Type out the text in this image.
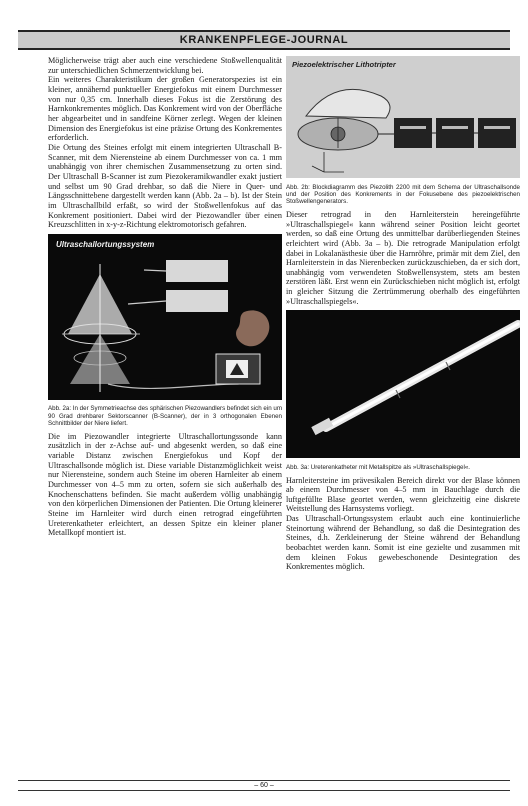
KRANKENPFLEGE-JOURNAL

Möglicherweise trägt aber auch eine verschiedene Stoßwellenqualität zur unterschiedlichen Schmerzentwicklung bei.

Ein weiteres Charakteristikum der großen Generatorspezies ist ein kleiner, annähernd punktueller Energiefokus mit einem Durchmesser von nur 0,35 cm. Innerhalb dieses Fokus ist die Zerstörung des Harnkonkrementes möglich. Das Konkrement wird von der Oberfläche her abgearbeitet und in sandfeine Körner zerlegt. Wegen der kleinen Dimension des Energiefokus ist eine präzise Ortung des Konkrementes erforderlich.

Die Ortung des Steines erfolgt mit einem integrierten Ultraschall B-Scanner, mit dem Nierensteine ab einem Durchmesser von ca. 1 mm unabhängig von ihrer chemischen Zusammensetzung zu orten sind. Der Ultraschall B-Scanner ist zum Piezokeramikwandler exakt justiert und selbst um 90 Grad drehbar, so daß die Niere in Quer- und Längsschnittebene dargestellt werden kann (Abb. 2a – b). Ist der Stein im Ultraschallbild erfaßt, so wird der Stoßwellenfokus auf das Konkrement positioniert. Dabei wird der Piezowandler über einen Kreuzschlitten in x-y-z-Richtung elektromotorisch gefahren.

Ultraschallortungssystem
Abb. 2a: In der Symmetrieachse des sphärischen Piezowandlers befindet sich ein um 90 Grad drehbarer Sektorscanner (B-Scanner), der in 3 orthogonalen Ebenen Schnittbilder der Niere liefert.

Die im Piezowandler integrierte Ultraschallortungssonde kann zusätzlich in der z-Achse auf- und abgesenkt werden, so daß eine variable Distanz zwischen Energiefokus und Kopf der Ultraschallsonde möglich ist. Diese variable Distanzmöglichkeit weist nur Nierensteine, sondern auch Steine im oberen Harnleiter ab einem Durchmesser von 4–5 mm zu orten, sofern sie sich außerhalb des Knochenschattens befinden. Sie macht außerdem völlig unabhängig von den körperlichen Dimensionen der Patienten. Die Ortung kleinerer Steine im Harnleiter wird durch einen retrograd eingeführten Ureterenkatheter erleichtert, an dessen Spitze ein kleiner planer Metallkopf montiert ist.

Piezoelektrischer Lithotripter
Abb. 2b: Blockdiagramm des Piezolith 2200 mit dem Schema der Ultraschallsonde und der Position des Konkrements in der Fokusebene des piezoelektrischen Stoßwellengenerators.

Dieser retrograd in den Harnleiterstein hereingeführte »Ultraschallspiegel« kann während seiner Position leicht geortet werden, so daß eine Ortung des unmittelbar darüberliegenden Steines erleichtert wird (Abb. 3a – b). Die retrograde Manipulation erfolgt dabei in Lokalanästhesie über die Harnröhre, primär mit dem Ziel, den Harnleiterstein in das Nierenbecken zurückzuschieben, da er sich dort, unabhängig vom verwendeten Stoßwellensystem, stets am besten zerstören läßt. Erst wenn ein Zurückschieben nicht möglich ist, erfolgt in gleicher Sitzung die Zertrümmerung oberhalb des eingeführten »Ultraschallspiegels«.

Abb. 3a: Ureterenkatheter mit Metallspitze als »Ultraschallspiegel«.

Harnleitersteine im prävesikalen Bereich direkt vor der Blase können ab einem Durchmesser von 4–5 mm in Bauchlage durch die luftgefüllte Blase geortet werden, wenn gleichzeitig eine diskrete Weitstellung des Harnsystems vorliegt.

Das Ultraschall-Ortungssystem erlaubt auch eine kontinuierliche Steinortung während der Behandlung, so daß die Desintegration des Steines, d.h. Zerkleinerung der Steine während der Behandlung beobachtet werden kann. Somit ist eine gezielte und zusammen mit dem kleinen Fokus gewebeschonende Desintegration des Konkrementes möglich.

– 60 –
